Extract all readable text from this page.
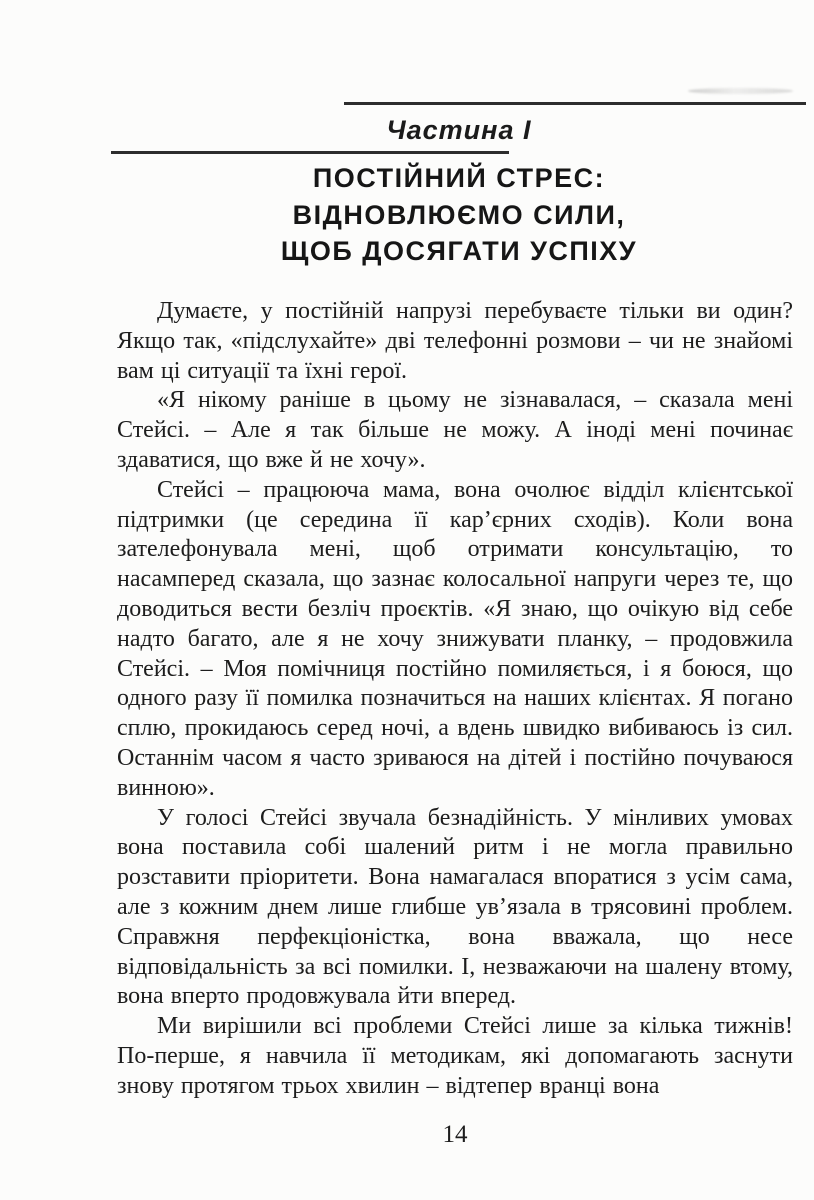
Частина I
ПОСТІЙНИЙ СТРЕС:
ВІДНОВЛЮЄМО СИЛИ,
ЩОБ ДОСЯГАТИ УСПІХУ

Думаєте, у постійній напрузі перебуваєте тільки ви один? Якщо так, «підслухайте» дві телефонні розмови – чи не знайомі вам ці ситуації та їхні герої.

«Я нікому раніше в цьому не зізнавалася, – сказала мені Стейсі. – Але я так більше не можу. А іноді мені починає здаватися, що вже й не хочу».

Стейсі – працююча мама, вона очолює відділ клієнтської підтримки (це середина її кар’єрних сходів). Коли вона зателефонувала мені, щоб отримати консультацію, то насамперед сказала, що зазнає колосальної напруги через те, що доводиться вести безліч проєктів. «Я знаю, що очікую від себе надто багато, але я не хочу знижувати планку, – продовжила Стейсі. – Моя помічниця постійно помиляється, і я боюся, що одного разу її помилка позначиться на наших клієнтах. Я погано сплю, прокидаюсь серед ночі, а вдень швидко вибиваюсь із сил. Останнім часом я часто зриваюся на дітей і постійно почуваюся винною».

У голосі Стейсі звучала безнадійність. У мінливих умовах вона поставила собі шалений ритм і не могла правильно розставити пріоритети. Вона намагалася впоратися з усім сама, але з кожним днем лише глибше ув’язала в трясовині проблем. Справжня перфекціоністка, вона вважала, що несе відповідальність за всі помилки. І, незважаючи на шалену втому, вона вперто продовжувала йти вперед.

Ми вирішили всі проблеми Стейсі лише за кілька тижнів! По-перше, я навчила її методикам, які допомагають заснути знову протягом трьох хвилин – відтепер вранці вона

14
